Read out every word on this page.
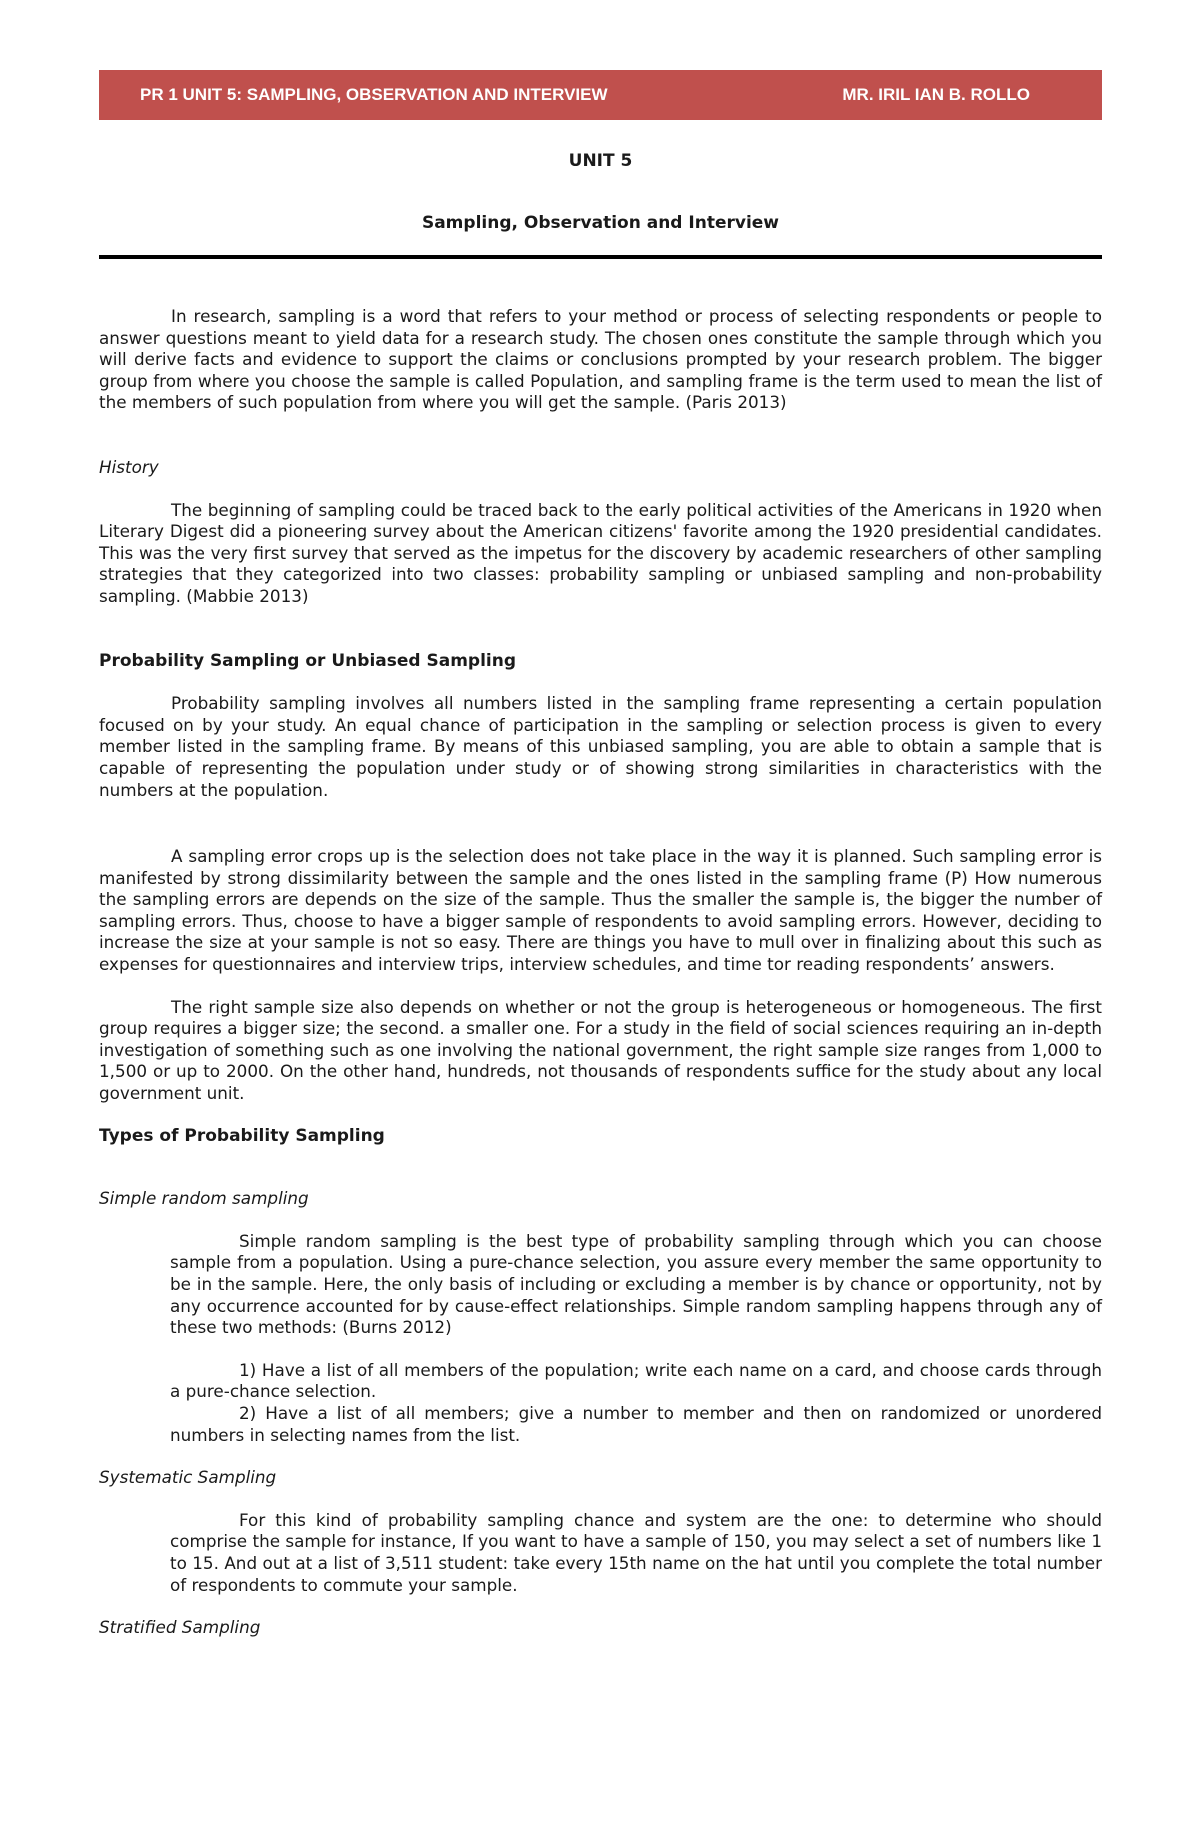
PR 1 UNIT 5: SAMPLING, OBSERVATION AND INTERVIEW	MR. IRIL IAN B. ROLLO
UNIT 5
Sampling, Observation and Interview

In research, sampling is a word that refers to your method or process of selecting respondents or people to answer questions meant to yield data for a research study. The chosen ones constitute the sample through which you will derive facts and evidence to support the claims or conclusions prompted by your research problem. The bigger group from where you choose the sample is called Population, and sampling frame is the term used to mean the list of the members of such population from where you will get the sample. (Paris 2013)

History

The beginning of sampling could be traced back to the early political activities of the Americans in 1920 when Literary Digest did a pioneering survey about the American citizens' favorite among the 1920 presidential candidates. This was the very first survey that served as the impetus for the discovery by academic researchers of other sampling strategies that they categorized into two classes: probability sampling or unbiased sampling and non-probability sampling. (Mabbie 2013)

Probability Sampling or Unbiased Sampling

Probability sampling involves all numbers listed in the sampling frame representing a certain population focused on by your study. An equal chance of participation in the sampling or selection process is given to every member listed in the sampling frame. By means of this unbiased sampling, you are able to obtain a sample that is capable of representing the population under study or of showing strong similarities in characteristics with the numbers at the population.

A sampling error crops up is the selection does not take place in the way it is planned. Such sampling error is manifested by strong dissimilarity between the sample and the ones listed in the sampling frame (P) How numerous the sampling errors are depends on the size of the sample. Thus the smaller the sample is, the bigger the number of sampling errors. Thus, choose to have a bigger sample of respondents to avoid sampling errors. However, deciding to increase the size at your sample is not so easy. There are things you have to mull over in finalizing about this such as expenses for questionnaires and interview trips, interview schedules, and time tor reading respondents’ answers.

The right sample size also depends on whether or not the group is heterogeneous or homogeneous. The first group requires a bigger size; the second. a smaller one. For a study in the field of social sciences requiring an in-depth investigation of something such as one involving the national government, the right sample size ranges from 1,000 to 1,500 or up to 2000. On the other hand, hundreds, not thousands of respondents suffice for the study about any local government unit.

Types of Probability Sampling
Simple random sampling

Simple random sampling is the best type of probability sampling through which you can choose sample from a population. Using a pure-chance selection, you assure every member the same opportunity to be in the sample. Here, the only basis of including or excluding a member is by chance or opportunity, not by any occurrence accounted for by cause-effect relationships. Simple random sampling happens through any of these two methods: (Burns 2012)

1) Have a list of all members of the population; write each name on a card, and choose cards through a pure-chance selection.

2) Have a list of all members; give a number to member and then on randomized or unordered numbers in selecting names from the list.

Systematic Sampling

For this kind of probability sampling chance and system are the one: to determine who should comprise the sample for instance, If you want to have a sample of 150, you may select a set of numbers like 1 to 15. And out at a list of 3,511 student: take every 15th name on the hat until you complete the total number of respondents to commute your sample.

Stratified Sampling
